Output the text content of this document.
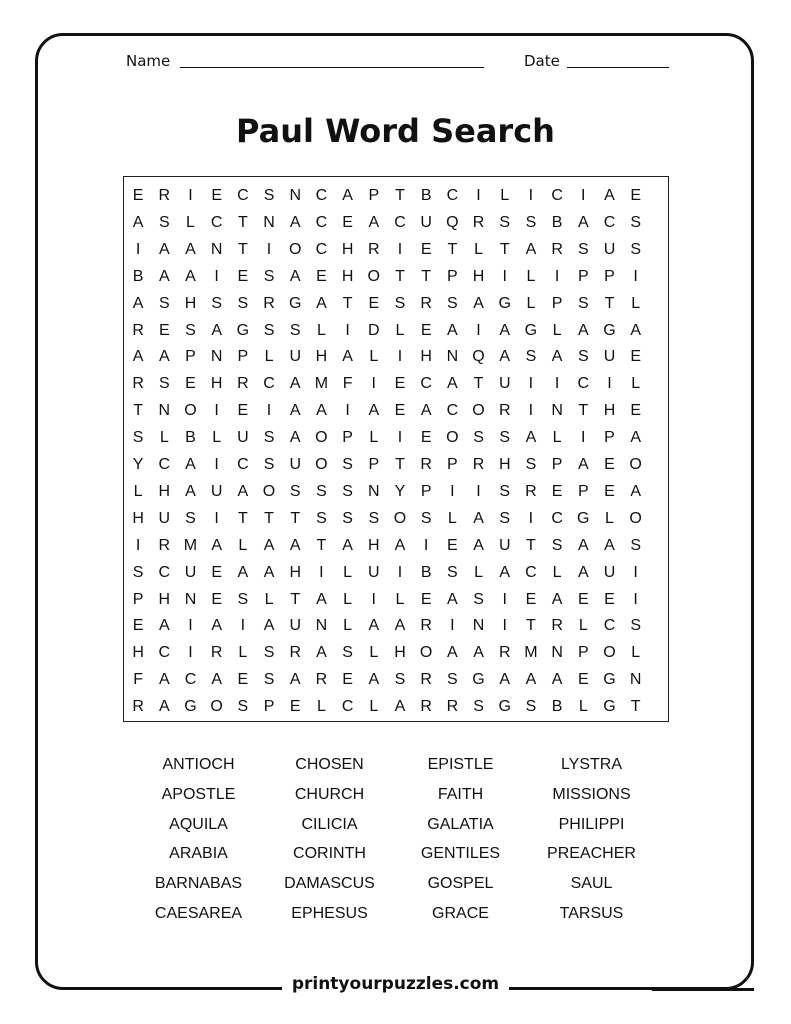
Name	Date
Paul Word Search
E R	I	E C S N C A P T B C	I	L	I	C	I	A E
A S	L C T N A C E A C U Q R S S B A C S
I	A A N T	I	O C H R	I	E T	L	T A R S U S
B A A	I	E S A E H O T	T P H	I	L	I	P P	I
A S H S S R G A T E S R S A G L	P S T	L
R E S A G S S	L	I	D L	E A	I	A G L	A G A
A A P N P	L U H A	L	I	H N Q A S A S U E
R S E H R C A M F	I	E C A T U	I	I	C	I	L
T N O	I	E	I	A A	I	A E A C O R	I	N T H E
S	L	B	L U S A O P	L	I	E O S S A	L	I	P A
Y C A	I	C S U O S P T R P R H S P A E O
L H A U A O S S S N Y P	I	I	S R E P E A
H U S	I	T	T	T S S S O S	L	A S	I	C G L O
I	R M A	L	A A T A H A	I	E A U T S A A S
S C U E A A H	I	L U	I	B S	L	A C L	A U	I
P H N E S	L	T A	L	I	L	E A S	I	E A E E	I
E A	I	A	I	A U N L	A A R	I	N	I	T R L C S
H C	I	R L	S R A S	L H O A A R M N P O L
F A C A E S A R E A S R S G A A A E G N
R A G O S P E	L C L	A R R S G S B	L G T
ANTIOCH
APOSTLE
AQUILA
ARABIA
BARNABAS
CAESAREA
CHOSEN
CHURCH
CILICIA
CORINTH
DAMASCUS
EPHESUS
EPISTLE
FAITH
GALATIA
GENTILES
GOSPEL
GRACE
LYSTRA
MISSIONS
PHILIPPI
PREACHER
SAUL
TARSUS
printyourpuzzles.com
